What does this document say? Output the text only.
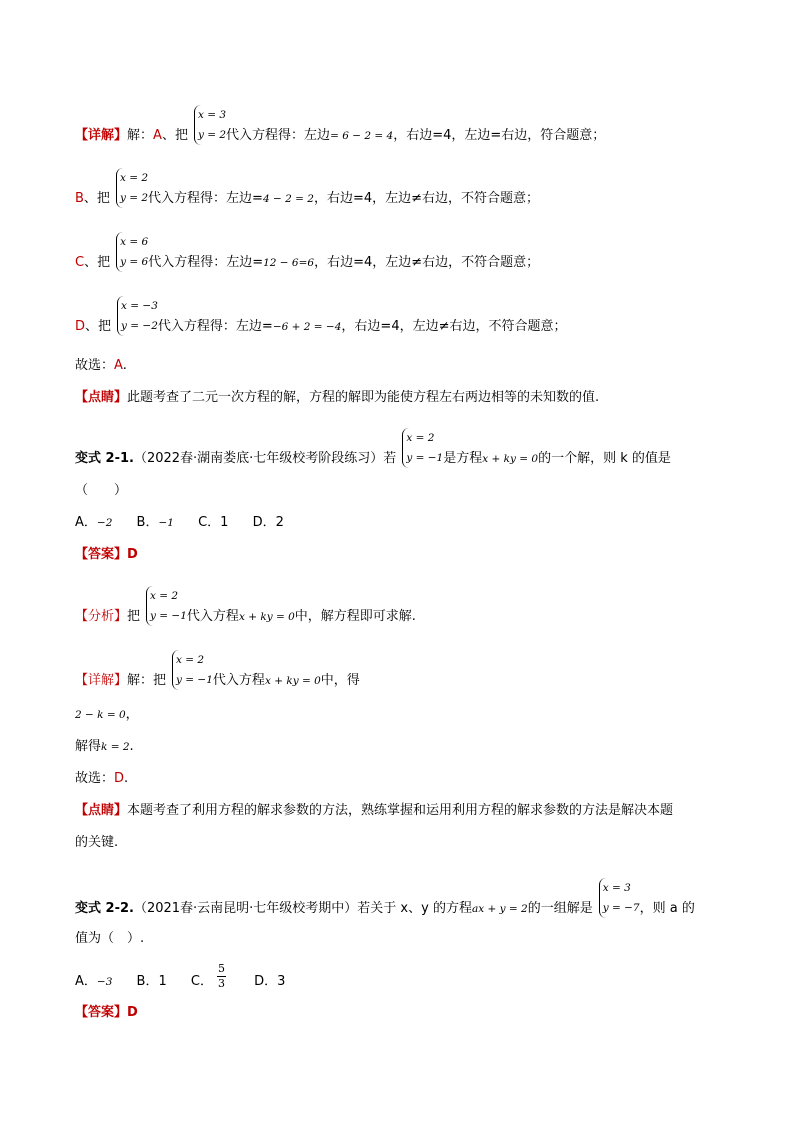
【详解】解：A、把
x = 3
y = 2 代入方程得：左边= 6 − 2 = 4，右边=4，左边=右边，符合题意；
B、把
x = 2
y = 2 代入方程得：左边=4 − 2 = 2，右边=4，左边≠右边，不符合题意；
C、把
x = 6
y = 6 代入方程得：左边=12 − 6=6，右边=4，左边≠右边，不符合题意；
D、把
x = −3
y = −2 代入方程得：左边=−6 + 2 = −4，右边=4，左边≠右边，不符合题意；
故选：A.
【点睛】此题考查了二元一次方程的解，方程的解即为能使方程左右两边相等的未知数的值.
变式 2-1.（2022春·湖南娄底·七年级校考阶段练习）若
x = 2
y = −1 是方程x + ky = 0的一个解，则 k 的值是
（　　）
A．−2 B．−1 C．1 D．2
【答案】D
【分析】把
x = 2
y = −1 代入方程x + ky = 0中，解方程即可求解.
【详解】解：把
x = 2
y = −1 代入方程x + ky = 0中，得
2 − k = 0，
解得k = 2.
故选：D.
【点睛】本题考查了利用方程的解求参数的方法，熟练掌握和运用利用方程的解求参数的方法是解决本题
的关键.
变式 2-2.（2021春·云南昆明·七年级校考期中）若关于 x、y 的方程ax + y = 2的一组解是
x = 3
y = −7 ，则 a 的
值为（　）.
A．−3 B．1 C． $\frac{5}{3}$ D．3
【答案】D
